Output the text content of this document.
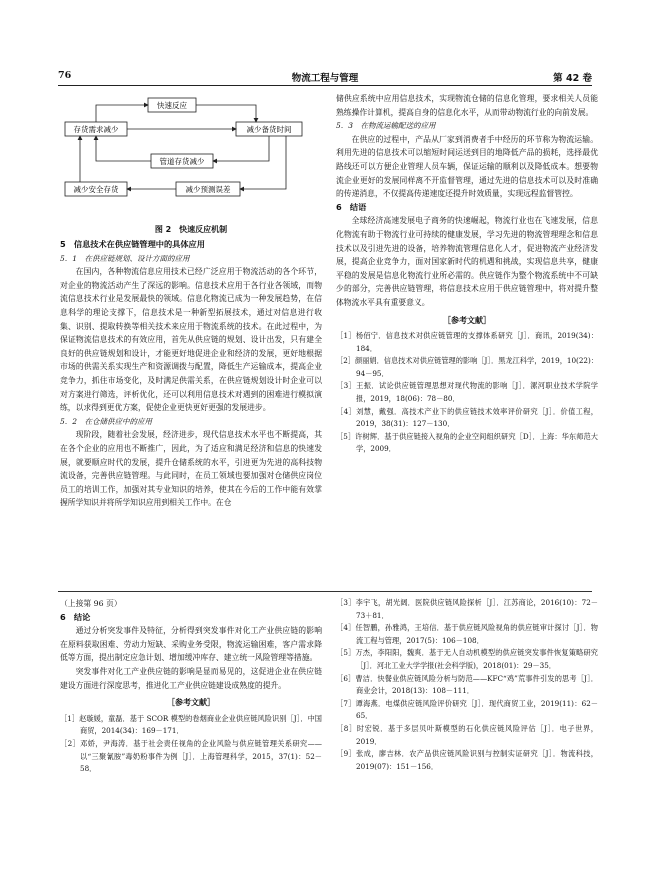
76	物流工程与管理	第 42 卷
快速反应
存货需求减少	减少备货时间
管道存货减少
减少安全存货	减少预测误差
图 2　快速反应机制
5　信息技术在供应链管理中的具体应用
5．1　在供应链规划、设计方面的应用
在国内，各种物流信息应用技术已经广泛应用于物流活动的各个环节，对企业的物流活动产生了深远的影响。信息技术应用于各行业各领域，而物流信息技术行业是发展最快的领域。信息化物流已成为一种发展趋势，在信息科学的理论支撑下，信息技术是一种新型拓展技术，通过对信息进行收集、识别、提取转换等相关技术来应用于物流系统的技术。在此过程中，为保证物流信息技术的有效应用，首先从供应链的规划、设计出发，只有建全良好的供应链规划和设计，才能更好地促进企业和经济的发展，更好地根据市场的供需关系实现生产和资源调拨与配置，降低生产运输成本，提高企业竞争力，抓住市场变化，及时满足供需关系，在供应链规划设计时企业可以对方案进行筛选，评析优化，还可以利用信息技术对遇到的困难进行模拟演练，以求得到更优方案，促使企业更快更好更强的发展进步。
5．2　在仓储供应中的应用
现阶段，随着社会发展，经济进步，现代信息技术水平也不断提高，其在各个企业的应用也不断推广，因此，为了适应和满足经济和信息的快速发展，就要顺应时代的发展，提升仓储系统的水平，引进更为先进的高科技物流设备，完善供应链管理。与此同时，在员工领域也要加强对仓储供应岗位员工的培训工作，加强对其专业知识的培养，使其在今后的工作中能有效掌握所学知识并将所学知识应用到相关工作中。在仓
储供应系统中应用信息技术，实现物流仓储的信息化管理，要求相关人员能熟练操作计算机，提高自身的信息化水平，从而带动物流行业的向前发展。
5．3　在物流运输配送的应用
在供应的过程中，产品从厂家到消费者手中经历的环节称为物流运输。利用先进的信息技术可以缩短时间运送到目的地降低产品的损耗，选择最优路线还可以方便企业管理人员车辆，保证运输的顺利以及降低成本。想要物流企业更好的发展同样离不开监督管理，通过先进的信息技术可以及时准确的传递消息，不仅提高传递速度还提升时效质量，实现远程监督管控。
6　结语
全球经济高速发展电子商务的快速崛起，物流行业也在飞速发展，信息化物流有助于物流行业可持续的健康发展，学习先进的物流管理理念和信息技术以及引进先进的设备，培养物流管理信息化人才，促进物流产业经济发展，提高企业竞争力，面对国家新时代的机遇和挑战，实现信息共享，健康平稳的发展是信息化物流行业所必需的。供应链作为整个物流系统中不可缺少的部分，完善供应链管理，将信息技术应用于供应链管理中，将对提升整体物流水平具有重要意义。
［参考文献］
［1］杨佰宁．信息技术对供应链管理的支撑体系研究［J］．商讯，2019(34)：184．
［2］颜丽娟．信息技术对供应链管理的影响［J］．黑龙江科学，2019，10(22)：94－95．
［3］王振．试论供应链管理思想对现代物流的影响［J］．漯河职业技术学院学报，2019，18(06)：78－80．
［4］刘慧，戴强．高技术产业下的供应链技术效率评价研究［J］．价值工程，2019，38(31)：127－130．
［5］许树辉．基于供应链接入视角的企业空间组织研究［D］．上海：华东师范大学，2009．
（上接第 96 页）
6　结论
通过分析突发事件及特征，分析得到突发事件对化工产业供应链的影响在原料获取困难、劳动力短缺、采购业务受限，物流运输困难，客户需求降低等方面，提出制定应急计划、增加缓冲库存、建立统一风险管理等措施。
突发事件对化工产业供应链的影响是显而易见的，这促进企业在供应链建设方面进行深度思考，推进化工产业供应链建设成熟度的提升。
［参考文献］
［1］赵璇媛，童磊．基于 SCOR 模型的卷烟商业企业供应链风险识别［J］．中国商贸，2014(34)：169－171．
［2］邓娇，尹海涛．基于社会责任视角的企业风险与供应链管理关系研究——以“三聚氰胺”毒奶粉事件为例［J］．上海管理科学，2015，37(1)：52－58．
［3］李宇飞，胡光阔．医院供应链风险探析［J］．江苏商论，2016(10)：72－73＋81．
［4］任智鹏，孙雅鸿，王培信．基于供应链风险视角的供应链审计探讨［J］．物流工程与管理，2017(5)：106－108．
［5］万杰，李阳阳，魏爽．基于无人自动机模型的供应链突发事件恢复策略研究［J］．河北工业大学学报(社会科学版)，2018(01)：29－35．
［6］曹洁．快餐业供应链风险分析与防范——KFC“鸡”荒事件引发的思考［J］．商业会计，2018(13)：108－111．
［7］谭海燕．电煤供应链风险评价研究［J］．现代商贸工业，2019(11)：62－65．
［8］时宏锐．基于多层贝叶斯模型的石化供应链风险评估［J］．电子世界，2019．
［9］张成，廖吉林．农产品供应链风险识别与控制实证研究［J］．物流科技，2019(07)：151－156．
